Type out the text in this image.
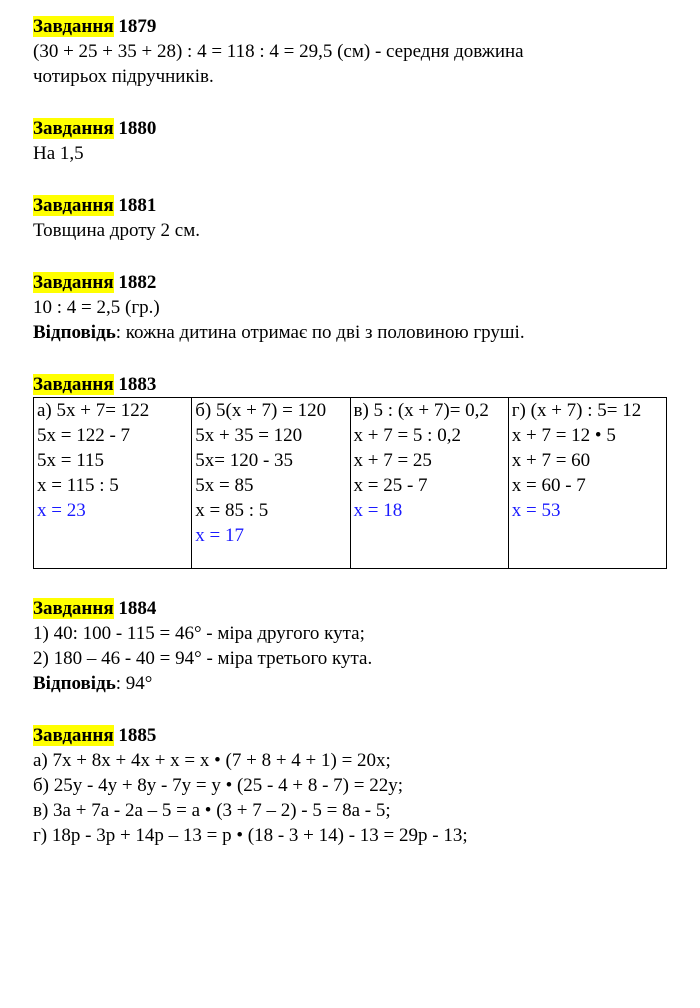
Завдання 1879

(30 + 25 + 35 + 28) : 4 = 118 : 4 = 29,5 (см) - середня довжина

чотирьох підручників.

Завдання 1880

На 1,5

Завдання 1881

Товщина дроту 2 см.

Завдання 1882

10 : 4 = 2,5 (гр.)

Відповідь: кожна дитина отримає по дві з половиною груші.

Завдання 1883

а) 5x + 7= 122
5x = 122 - 7
5x = 115
x = 115 : 5
x = 23

б) 5(x + 7) = 120
5x + 35 = 120
5x= 120 - 35
5x = 85
x = 85 : 5
x = 17

в) 5 : (x + 7)= 0,2
x + 7 = 5 : 0,2
x + 7 = 25
x = 25 - 7
x = 18

г) (x + 7) : 5= 12
x + 7 = 12 • 5
x + 7 = 60
x = 60 - 7
x = 53

Завдання 1884

1) 40: 100 - 115 = 46° - міра другого кута;

2) 180 – 46 - 40 = 94° - міра третього кута.

Відповідь: 94°

Завдання 1885

а) 7x + 8x + 4x + x = x • (7 + 8 + 4 + 1) = 20x;

б) 25y - 4y + 8y - 7y = y • (25 - 4 + 8 - 7) = 22y;

в) 3a + 7a - 2a – 5 = a • (3 + 7 – 2) - 5 = 8a - 5;

г) 18p - 3p + 14p – 13 = p • (18 - 3 + 14) - 13 = 29p - 13;
